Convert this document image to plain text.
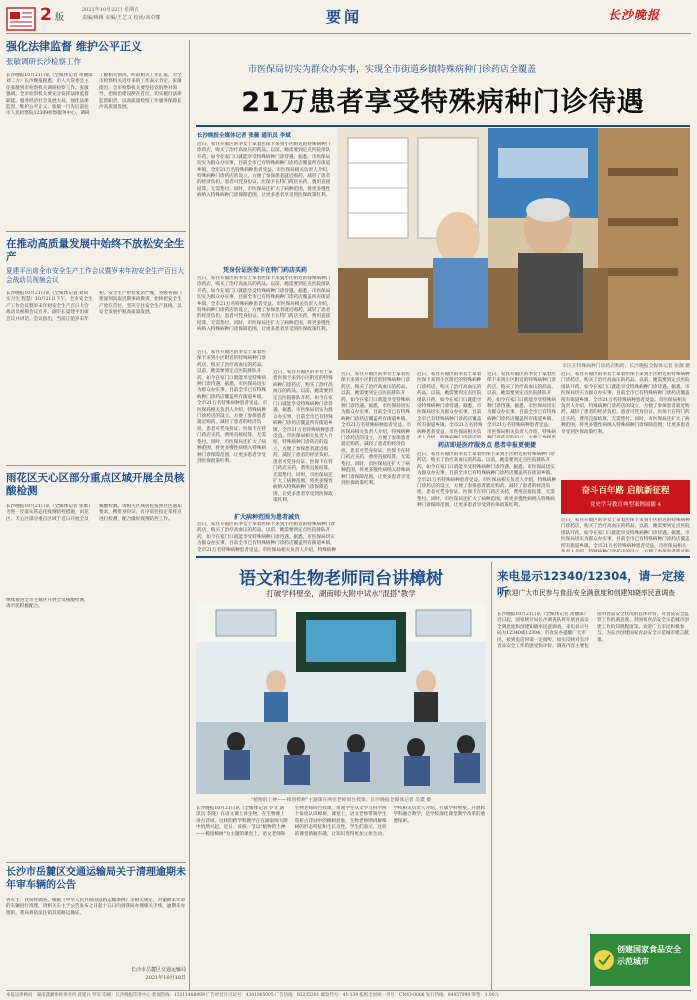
2 版
2021年10月22日 星期五
责编/梅梅 美编/王艺文 校读/刘卓娜	要闻	长沙晚报
强化法律监督 维护公平正义
张敏调研长沙检察工作
长沙晚报10月21日讯（全媒体记者 黄丽琼 刘二力）长沙晚报据悉，市人大常委会主任张敏到市检察机关调研检察工作。张敏强调，全市检察机关要充分发挥法律监督职能，服务经济社会发展大局，强化法律监督，维护公平正义。张敏一行先后前往市人民检察院12309检察服务中心，调研了解相关情况，听取相关工作汇报，对全市检察机关近年来的工作表示肯定。张敏指出，全市检察机关要坚持党的绝对领导，把政治建设摆在首位，切实履行法律监督职责，以高质量检察工作服务保障长沙高质量发展。
在推动高质量发展中始终不放松安全生产
夏建平出席全市安全生产工作会议暨岁末年初安全生产百日大会战动员视频会议
长沙晚报10月21日讯（全媒体记者 刘尚 实习生 程慧）10月21日下午，全市安全生产工作会议暨岁末年初安全生产百日大会战动员视频会议召开。副市长夏建平出席会议并讲话。会议指出，当前正值岁末年初，安全生产形势复杂严峻，各级各部门要深刻汲取近期事故教训，始终把安全生产放在首位，坚决守住安全生产底线，以安全发展护航高质量发展。
雨花区天心区部分重点区域开展全员核酸检测
长沙晚报10月21日讯（全媒体记者 张薇）为进一步落实常态化疫情防控措施，雨花区、天心区部分重点区域于近日开展全员核酸检测。请相关区域居民按照社区通知要求，携带身份证，有序前往指定采样点进行检测，配合做好疫情防控工作。
继续推进全市主城区开展全员核酸检测，请市民积极配合。
市医保局切实为群众办实事，实现全市街道乡镇特殊病种门诊药店全覆盖
21万患者享受特殊病种门诊待遇
长沙晚报全媒体记者 张薇 通讯员 李斌
近日，家住开福区的李女士拿着医保卡来到小区附近的特殊病种门诊药店，购买了治疗高血压的药品。以前，她需要到定点医院排队开药，如今在家门口就能享受特殊病种门诊待遇。据悉，市医保局切实为群众办实事，目前全市已有特殊病种门诊药店覆盖所有街道乡镇，全市21万名特殊病种患者受益。市医保局相关负责人介绍，特殊病种门诊药店的设立，方便了参保患者就近购药，减轻了患者的经济负担。患者可凭身份证、医保卡在特门药店买药，费用直接结算，无需垫付。同时，市医保局还扩大了病种范围，将更多慢性病纳入特殊病种门诊保障范围，让更多患者享受到医保政策红利。
凭身份证医保卡在特门药店买药
近日，家住开福区的李女士拿着医保卡来到小区附近的特殊病种门诊药店，购买了治疗高血压的药品。以前，她需要到定点医院排队开药，如今在家门口就能享受特殊病种门诊待遇。据悉，市医保局切实为群众办实事，目前全市已有特殊病种门诊药店覆盖所有街道乡镇，全市21万名特殊病种患者受益。市医保局相关负责人介绍，特殊病种门诊药店的设立，方便了参保患者就近购药，减轻了患者的经济负担。患者可凭身份证、医保卡在特门药店买药，费用直接结算，无需垫付。同时，市医保局还扩大了病种范围，将更多慢性病纳入特殊病种门诊保障范围，让更多患者享受到医保政策红利。
市民在特殊病种门诊药店购药。长沙晚报全媒体记者 张薇 摄
近日，家住开福区的李女士拿着医保卡来到小区附近的特殊病种门诊药店，购买了治疗高血压的药品。以前，她需要到定点医院排队开药，如今在家门口就能享受特殊病种门诊待遇。据悉，市医保局切实为群众办实事，目前全市已有特殊病种门诊药店覆盖所有街道乡镇，全市21万名特殊病种患者受益。市医保局相关负责人介绍，特殊病种门诊药店的设立，方便了参保患者就近购药，减轻了患者的经济负担。患者可凭身份证、医保卡在特门药店买药，费用直接结算，无需垫付。同时，市医保局还扩大了病种范围，将更多慢性病纳入特殊病种门诊保障范围，让更多患者享受到医保政策红利。
扩大病种范围为患者减负
近日，家住开福区的李女士拿着医保卡来到小区附近的特殊病种门诊药店，购买了治疗高血压的药品。以前，她需要到定点医院排队开药，如今在家门口就能享受特殊病种门诊待遇。据悉，市医保局切实为群众办实事，目前全市已有特殊病种门诊药店覆盖所有街道乡镇，全市21万名特殊病种患者受益。市医保局相关负责人介绍，特殊病种门诊药店的设立，方便了参保患者就近购药，减轻了患者的经济负担。患者可凭身份证、医保卡在特门药店买药，费用直接结算，无需垫付。同时，市医保局还扩大了病种范围，将更多慢性病纳入特殊病种门诊保障范围，让更多患者享受到医保政策红利。
近日，家住开福区的李女士拿着医保卡来到小区附近的特殊病种门诊药店，购买了治疗高血压的药品。以前，她需要到定点医院排队开药，如今在家门口就能享受特殊病种门诊待遇。据悉，市医保局切实为群众办实事，目前全市已有特殊病种门诊药店覆盖所有街道乡镇，全市21万名特殊病种患者受益。市医保局相关负责人介绍，特殊病种
近日，家住开福区的李女士拿着医保卡来到小区附近的特殊病种门诊药店，购买了治疗高血压的药品。以前，她需要到定点医院排队开药，如今在家门口就能享受特殊病种门诊待遇。据悉，市医保局切实为群众办实事，目前全市已有特殊病种门诊药店覆盖所有街道乡镇，全市21万名特殊病种患者受益。市医保局相关负责人介绍，特殊病种门诊药店的设立，方便了参保患者就近购药，减轻了患者的经济负担。患者可凭身份证、医保卡在特门药店买药，费用直接结算，无需垫付。同时，市医保局还扩大了病种范围，将更多慢性病纳入特殊病种门诊保障范围，让更多患者享受到医保政策红利。
药店即是医疗服务点 患者申报更便捷
近日，家住开福区的李女士拿着医保卡来到小区附近的特殊病种门诊药店，购买了治疗高血压的药品。以前，她需要到定点医院排队开药，如今在家门口就能享受特殊病种门诊待遇。据悉，市医保局切实为群众办实事，目前全市已有特殊病种门诊药店覆盖所有街道乡镇，全市21万名特殊病种患者受益。市医保局相关负
近日，家住开福区的李女士拿着医保卡来到小区附近的特殊病种门诊药店，购买了治疗高血压的药品。以前，她需要到定点医院排队开药，如今在家门口就能享受特殊病种门诊待遇。据悉，市医保局切实为群众办实事，目前全市已有特殊病种门诊药店覆盖所有街道乡镇，全市21万名特殊病种患者受益。市医保局相关负责人介绍，特殊病种门诊药店的设立，方便了参保患者就近购药，减轻了患者的经济负担。患者可凭身份证、医保卡在特门药店买药，费用直接结算，无需垫付。同时，市医保局还扩大了病种范围，将更多慢性病纳入特殊病种门诊保障范围，让更多患者享受到医保政策红利。
近日，家住开福区的李女士拿着医保卡来到小区附近的特殊病种门诊药店，购买了治疗高血压的药品。以前，她需要到定点医院排队开药，如今在家门口就能享受特殊病种门诊待遇。据悉，市医保局切实为群众办实事，目前全市已有特殊病种门诊药店覆盖所有街道乡镇，全市21万名特殊病种患者受益。市医保局相关负责人介绍，特殊病
近日，家住开福区的李女士拿着医保卡来到小区附近的特殊病种门诊药店，购买了治疗高血压的药品。以前，她需要到定点医院排队开药，如今在家门口就能享受特殊病种门诊待遇。据悉，市医保局切实为群众办实事，目前全市已有特殊病种门诊药店覆盖所有街道乡镇，全市21万名特殊病种患者受益。市医保局相关负责人介绍，特殊病种门诊药店的设立，方便了参保患者就近购药，减轻了患者的经济负担。患者可凭身份证、医保卡在特门药店买药，费用直接结算，无需垫付。同时，市医保局还扩大了病种范围，将更多慢性病纳入特殊病种门诊保障范围，让更多患者享受到医保政策红利。
奋斗百年路 启航新征程
党史学习教育典型案例展播 4
近日，家住开福区的李女士拿着医保卡来到小区附近的特殊病种门诊药店，购买了治疗高血压的药品。以前，她需要到定点医院排队开药，如今在家门口就能享受特殊病种门诊待遇。据悉，市医保局切实为群众办实事，目前全市已有特殊病种门诊药店覆盖所有街道乡镇，全市21万名特殊病种患者受益。市医保局相关
语文和生物老师同台讲樟树
打破学科壁垒，湖南师大附中试水"混搭"教学
"植物的上神——樟园樟树"主题课在两位老师同台授课。长沙晚报全媒体记者 吴潇 摄
长沙晚报10月21日讯（全媒体记者 罗文 通讯员 李晓）在语文课上讲生物，在生物课上讲古诗词，这样的跨学科教学正在湖南师大附中悄然兴起。近日，该校一节以"植物的上神——樟园樟树"为主题的课堂上，语文老师和生物老师同台授课，带领学生从文学与科学两个角度认识樟树。课堂上，语文老师带领学生赏析古诗词中的樟树意象，生物老师则讲解樟树的形态特征和生长习性。学生们表示，这样的课堂新颖有趣，让知识变得更加立体生动。学校相关负责人介绍，打破学科壁垒，开展跨学科融合教学，是学校深化课堂教学改革的重要探索。
来电显示12340/12304，请一定接听
欢迎广大市民参与食品安全满意度和创建知晓率民意调查
长沙晚报10月21日讯（全媒体记者 黄丽琼）近日起，国家统计局长沙调查队将开展食品安全满意度和创建知晓率民意调查，来电显示号码为12340或12304。市食安办提醒广大市民，接到电话时请一定接听，如实反映对长沙食品安全工作的感受和评价。调查内容主要包括对食品安全状况的总体评价、对食品安全监管工作的满意度、对国家食品安全示范城市创建工作的知晓程度等。欢迎广大市民积极参与，为长沙创建国家食品安全示范城市建言献策。
创建国家食品安全示范城市
长沙市岳麓区交通运输局关于清理逾期未年审车辆的公告
各车主：我局经调查，根据《中华人民共和国道路运输条例》等相关规定，对逾期未年审的车辆进行清理，请相关车主于公告发布之日起十五日内到我局办理相关手续，逾期未办理的，我局将依法注销其道路运输证。
长沙市岳麓区交通运输局
2021年10月18日
本报法律顾问：湖南潇湘律师事务所 蒋建兵 罗军 印刷：长沙晚报印务中心 新闻热线：15111488999 广告经营许可证号：4301005005 广告热线：82235301 邮发代号：41-139 报纸全国统一刊号：CN43-0006 发行热线：84457999 零售：1.00元
